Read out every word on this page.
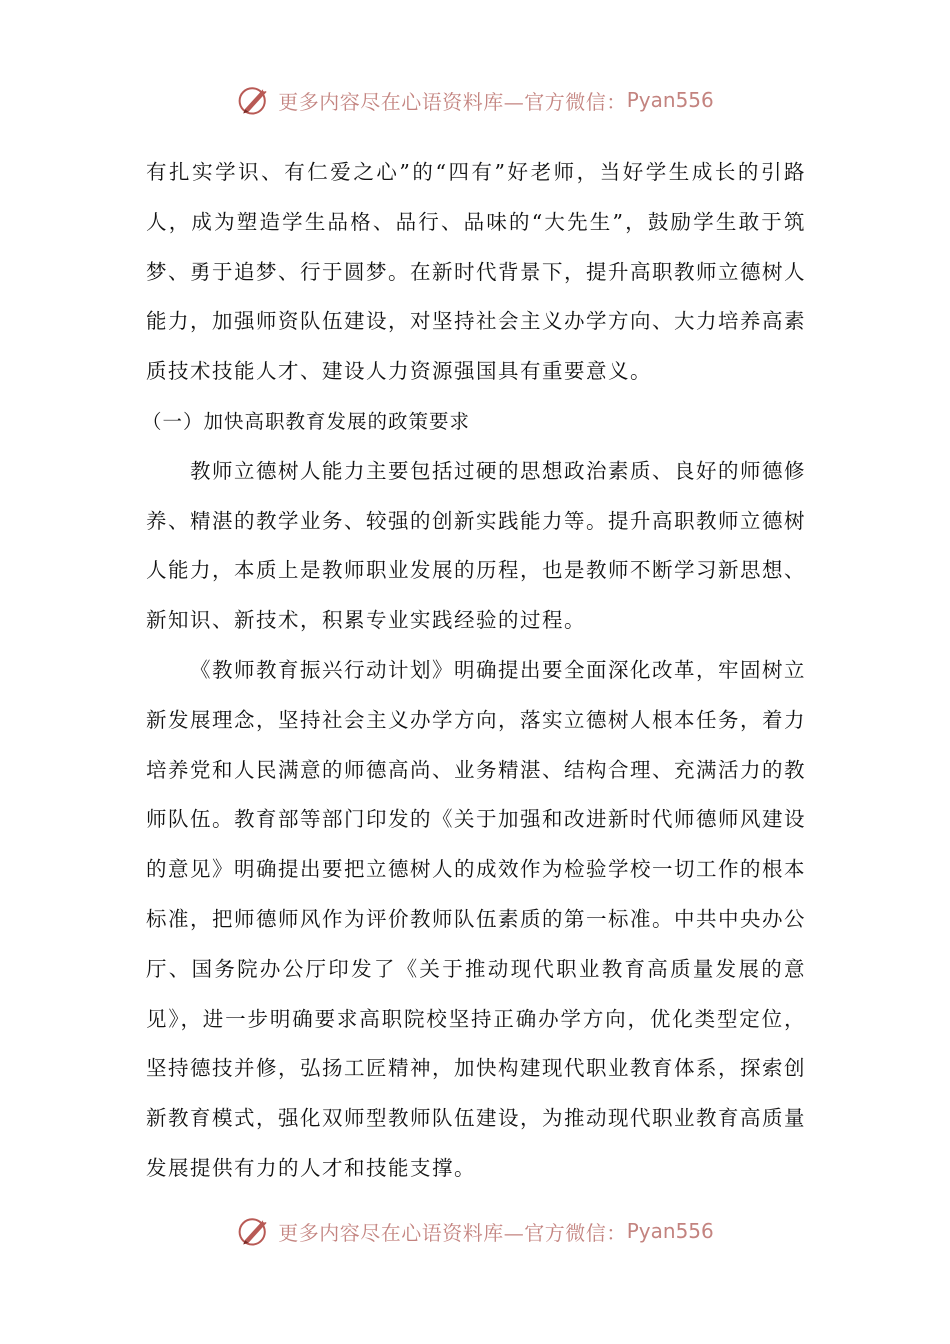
更多内容尽在心语资料库—官方微信： Pyan556

有扎实学识、有仁爱之心”的“四有”好老师，当好学生成长的引路人，成为塑造学生品格、品行、品味的“大先生”，鼓励学生敢于筑梦、勇于追梦、行于圆梦。在新时代背景下，提升高职教师立德树人能力，加强师资队伍建设，对坚持社会主义办学方向、大力培养高素质技术技能人才、建设人力资源强国具有重要意义。

（一）加快高职教育发展的政策要求

教师立德树人能力主要包括过硬的思想政治素质、良好的师德修养、精湛的教学业务、较强的创新实践能力等。提升高职教师立德树人能力，本质上是教师职业发展的历程，也是教师不断学习新思想、新知识、新技术，积累专业实践经验的过程。

《教师教育振兴行动计划》明确提出要全面深化改革，牢固树立新发展理念，坚持社会主义办学方向，落实立德树人根本任务，着力培养党和人民满意的师德高尚、业务精湛、结构合理、充满活力的教师队伍。教育部等部门印发的《关于加强和改进新时代师德师风建设的意见》明确提出要把立德树人的成效作为检验学校一切工作的根本标准，把师德师风作为评价教师队伍素质的第一标准。中共中央办公厅、国务院办公厅印发了《关于推动现代职业教育高质量发展的意见》，进一步明确要求高职院校坚持正确办学方向，优化类型定位，坚持德技并修，弘扬工匠精神，加快构建现代职业教育体系，探索创新教育模式，强化双师型教师队伍建设，为推动现代职业教育高质量发展提供有力的人才和技能支撑。

更多内容尽在心语资料库—官方微信： Pyan556
